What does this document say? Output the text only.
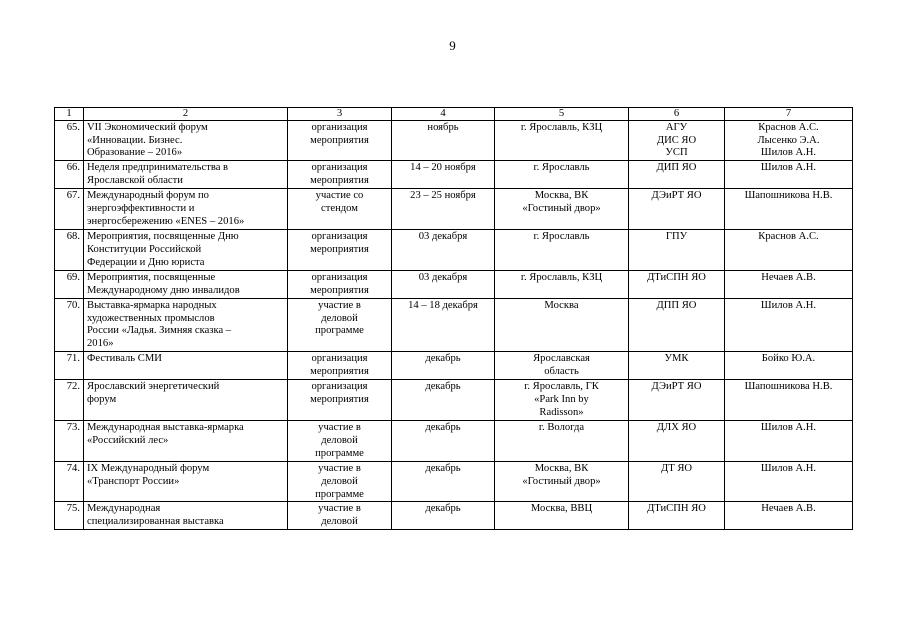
9
1	2	3	4	5	6	7
65.	VII Экономический форум
«Инновации. Бизнес.
Образование – 2016»	организация
мероприятия	ноябрь	г. Ярославль, КЗЦ	АГУ
ДИС ЯО
УСП	Краснов А.С.
Лысенко Э.А.
Шилов А.Н.

66.	Неделя предпринимательства в
Ярославской области	организация
мероприятия	14 – 20 ноября	г. Ярославль	ДИП ЯО	Шилов А.Н.

67.	Международный форум по
энергоэффективности и
энергосбережению «ENES – 2016»	участие со
стендом	23 – 25 ноября	Москва, ВК
«Гостиный двор»	ДЭиРТ ЯО	Шапошникова Н.В.

68.	Мероприятия, посвященные Дню
Конституции Российской
Федерации и Дню юриста	организация
мероприятия	03 декабря	г. Ярославль	ГПУ	Краснов А.С.

69.	Мероприятия, посвященные
Международному дню инвалидов	организация
мероприятия	03 декабря	г. Ярославль, КЗЦ	ДТиСПН ЯО	Нечаев А.В.

70.	Выставка-ярмарка народных
художественных промыслов
России «Ладья. Зимняя сказка –
2016»	участие в
деловой
программе	14 – 18 декабря	Москва	ДПП ЯО	Шилов А.Н.

71.	Фестиваль СМИ	организация
мероприятия	декабрь	Ярославская
область	УМК	Бойко Ю.А.

72.	Ярославский энергетический
форум	организация
мероприятия	декабрь	г. Ярославль, ГК
«Park Inn by
Radisson»	ДЭиРТ ЯО	Шапошникова Н.В.

73.	Международная выставка-ярмарка
«Российский лес»	участие в
деловой
программе	декабрь	г. Вологда	ДЛХ ЯО	Шилов А.Н.

74.	IX Международный форум
«Транспорт России»	участие в
деловой
программе	декабрь	Москва, ВК
«Гостиный двор»	ДТ ЯО	Шилов А.Н.

75.	Международная
специализированная выставка	участие в
деловой	декабрь	Москва, ВВЦ	ДТиСПН ЯО	Нечаев А.В.
